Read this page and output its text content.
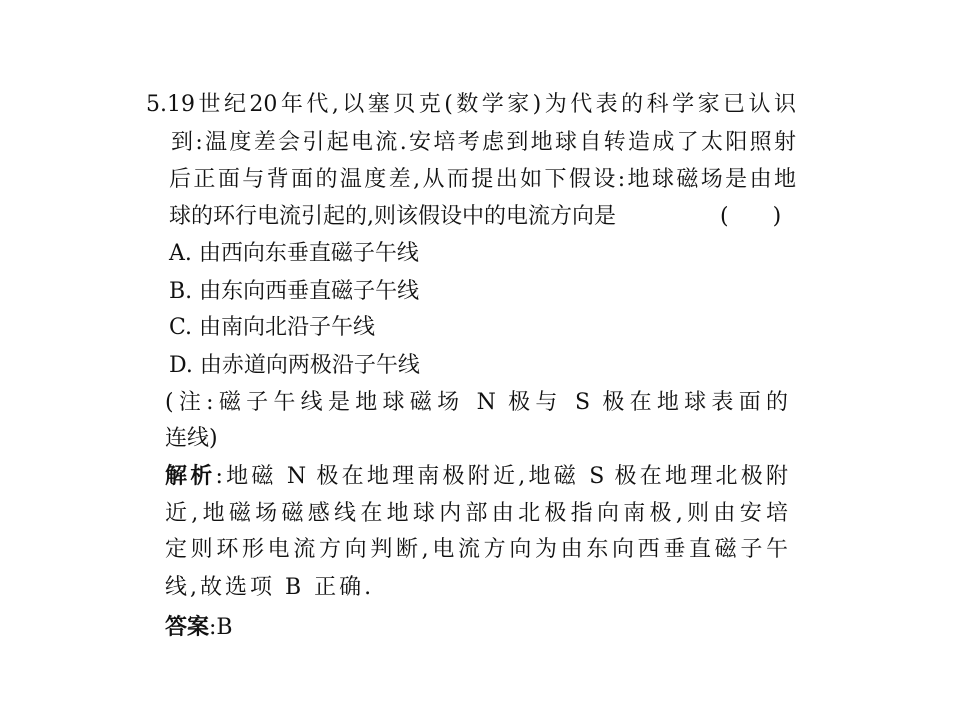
5.19世纪20年代,以塞贝克(数学家)为代表的科学家已认识
到:温度差会引起电流.安培考虑到地球自转造成了太阳照射
后正面与背面的温度差,从而提出如下假设:地球磁场是由地
球的环行电流引起的,则该假设中的电流方向是	(　　)
A. 由西向东垂直磁子午线
B. 由东向西垂直磁子午线
C. 由南向北沿子午线
D. 由赤道向两极沿子午线
(注:磁子午线是地球磁场 N 极与 S 极在地球表面的
连线)
解析:地磁 N 极在地理南极附近,地磁 S 极在地理北极附
近,地磁场磁感线在地球内部由北极指向南极,则由安培
定则环形电流方向判断,电流方向为由东向西垂直磁子午
线,故选项 B 正确.
答案:B
